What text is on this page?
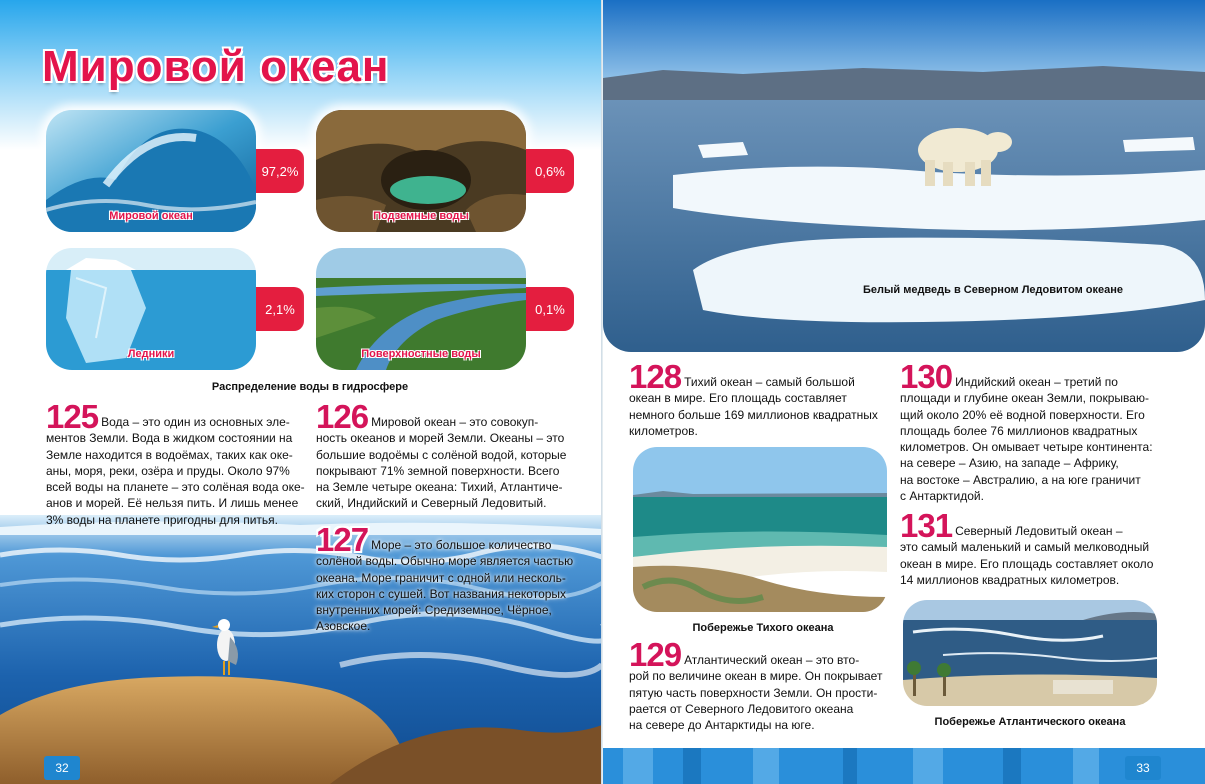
Мировой океан
Мировой океан
97,2%
Подземные воды
0,6%
Ледники
2,1%
Поверхностные воды
0,1%
Распределение воды в гидросфере
125 Вода – это один из основных эле-
ментов Земли. Вода в жидком состоянии на
Земле находится в водоёмах, таких как оке-
аны, моря, реки, озёра и пруды. Около 97%
всей воды на планете – это солёная вода оке-
анов и морей. Её нельзя пить. И лишь менее
3% воды на планете пригодны для питья.
126 Мировой океан – это совокуп-
ность океанов и морей Земли. Океаны – это
большие водоёмы с солёной водой, которые
покрывают 71% земной поверхности. Всего
на Земле четыре океана: Тихий, Атлантиче-
ский, Индийский и Северный Ледовитый.
127 Море – это большое количество
солёной воды. Обычно море является частью
океана. Море граничит с одной или несколь-
ких сторон с сушей. Вот названия некоторых
внутренних морей: Средиземное, Чёрное,
Азовское.
32
Белый медведь в Северном Ледовитом океане
128 Тихий океан – самый большой
океан в мире. Его площадь составляет
немного больше 169 миллионов квадратных
километров.
Побережье Тихого океана
129 Атлантический океан – это вто-
рой по величине океан в мире. Он покрывает
пятую часть поверхности Земли. Он прости-
рается от Северного Ледовитого океана
на севере до Антарктиды на юге.
130 Индийский океан – третий по
площади и глубине океан Земли, покрываю-
щий около 20% её водной поверхности. Его
площадь более 76 миллионов квадратных
километров. Он омывает четыре континента:
на севере – Азию, на западе – Африку,
на востоке – Австралию, а на юге граничит
с Антарктидой.
131 Северный Ледовитый океан –
это самый маленький и самый мелководный
океан в мире. Его площадь составляет около
14 миллионов квадратных километров.
Побережье Атлантического океана
33
